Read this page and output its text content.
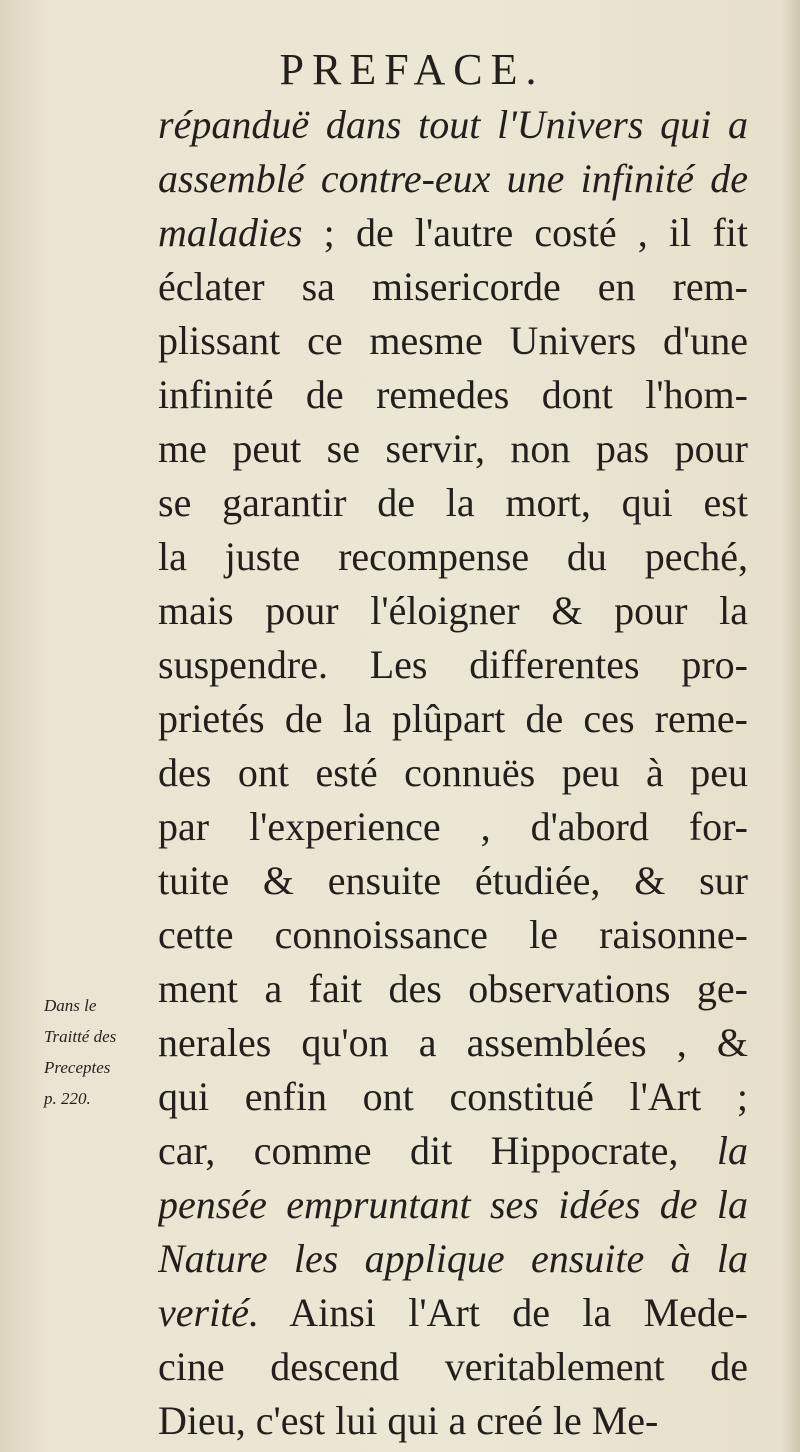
PREFACE.
répanduë dans tout l'Univers qui a
assemblé contre-eux une infinité de
maladies ; de l'autre costé , il fit
éclater sa misericorde en rem-
plissant ce mesme Univers d'une
infinité de remedes dont l'hom-
me peut se servir, non pas pour
se garantir de la mort, qui est
la juste recompense du peché,
mais pour l'éloigner & pour la
suspendre. Les differentes pro-
prietés de la plûpart de ces reme-
des ont esté connuës peu à peu
par l'experience , d'abord for-
tuite & ensuite étudiée, & sur
cette connoissance le raisonne-
ment a fait des observations ge-
nerales qu'on a assemblées , &
qui enfin ont constitué l'Art ;
car, comme dit Hippocrate, la
pensée empruntant ses idées de la
Nature les applique ensuite à la
verité. Ainsi l'Art de la Mede-
cine descend veritablement de
Dieu, c'est lui qui a creé le Me-
Dans le
Traitté des
Preceptes
p. 220.
